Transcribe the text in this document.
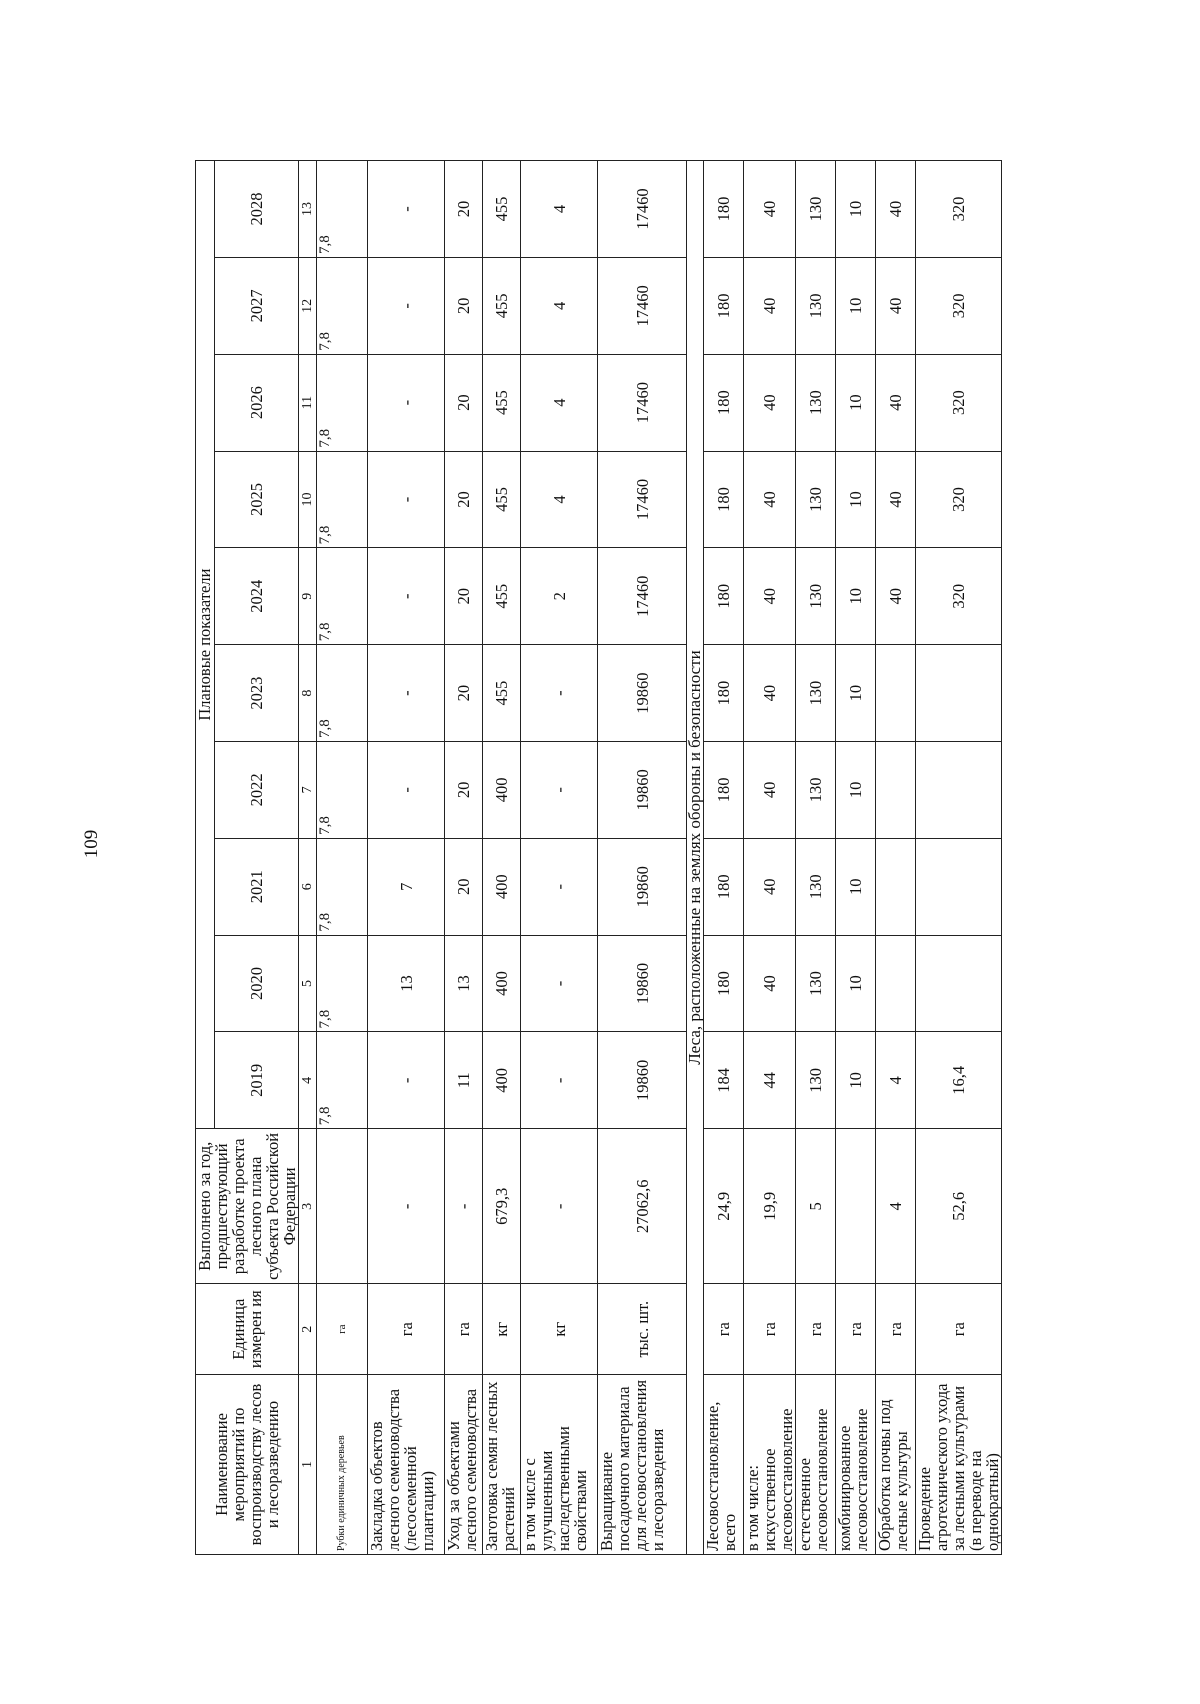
109
Наименование мероприятий по воспроизводству лесов и лесоразведению	Единица измерен ия	Выполнено за год, предшествующий разработке проекта лесного плана субъекта Российской Федерации	Плановые показатели									
			2019	2020	2021	2022	2023	2024	2025	2026	2027	2028
1	2	3	4	5	6	7	8	9	10	11	12	13
Рубки единичных деревьев	га		7,8	7,8	7,8	7,8	7,8	7,8	7,8	7,8	7,8	7,8
Закладка объектов лесного семеноводства (лесосеменной плантации)	га	-	-	13	7	-	-	-	-	-	-	-
Уход за объектами лесного семеноводства	га	-	11	13	20	20	20	20	20	20	20	20
Заготовка семян лесных растений	кг	679,3	400	400	400	400	455	455	455	455	455	455
в том числе с улучшенными наследственными свойствами	кг	-	-	-	-	-	-	2	4	4	4	4
Выращивание посадочного материала для лесовосстановления и лесоразведения	тыс. шт.	27062,6	19860	19860	19860	19860	19860	17460	17460	17460	17460	17460
Леса, расположенные на землях обороны и безопасности												
Лесовосстановление, всего	га	24,9	184	180	180	180	180	180	180	180	180	180
в том числе: искусственное лесовосстановление	га	19,9	44	40	40	40	40	40	40	40	40	40
естественное лесовосстановление	га	5	130	130	130	130	130	130	130	130	130	130
комбинированное лесовосстановление	га		10	10	10	10	10	10	10	10	10	10
Обработка почвы под лесные культуры	га	4	4					40	40	40	40	40
Проведение агротехнического ухода за лесными культурами (в переводе на однократный)	га	52,6	16,4					320	320	320	320	320
